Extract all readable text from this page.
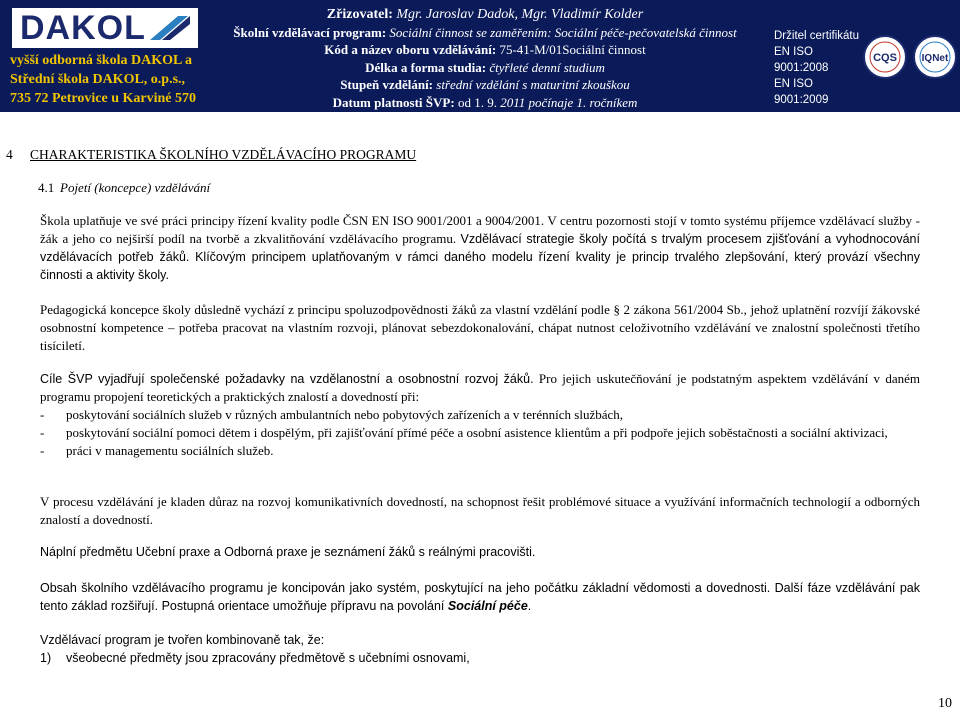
DAKOL
vyšší odborná škola DAKOL a
Střední škola DAKOL, o.p.s.,
735 72 Petrovice u Karviné 570
Zřizovatel: Mgr. Jaroslav Dadok, Mgr. Vladimír Kolder
Školní vzdělávací program: Sociální činnost se zaměřením: Sociální péče-pečovatelská činnost
Kód a název oboru vzdělávání: 75-41-M/01Sociální činnost
Délka a forma studia: čtyřleté denní studium
Stupeň vzdělání: střední vzdělání s maturitní zkouškou
Datum platnosti ŠVP: od 1. 9. 2011 počínaje 1. ročníkem
Držitel certifikátu
EN ISO 9001:2008
EN ISO 9001:2009
CQS
IQNet
4 CHARAKTERISTIKA ŠKOLNÍHO VZDĚLÁVACÍHO PROGRAMU
4.1 Pojetí (koncepce) vzdělávání

Škola uplatňuje ve své práci principy řízení kvality podle ČSN EN ISO 9001/2001 a 9004/2001. V centru pozornosti stojí v tomto systému příjemce vzdělávací služby - žák a jeho co nejširší podíl na tvorbě a zkvalitňování vzdělávacího programu. Vzdělávací strategie školy počítá s trvalým procesem zjišťování a vyhodnocování vzdělávacích potřeb žáků. Klíčovým principem uplatňovaným v rámci daného modelu řízení kvality je princip trvalého zlepšování, který provází všechny činnosti a aktivity školy.

Pedagogická koncepce školy důsledně vychází z principu spoluzodpovědnosti žáků za vlastní vzdělání podle § 2 zákona 561/2004 Sb., jehož uplatnění rozvíjí žákovské osobnostní kompetence – potřeba pracovat na vlastním rozvoji, plánovat sebezdokonalování, chápat nutnost celoživotního vzdělávání ve znalostní společnosti třetího tisíciletí.

Cíle ŠVP vyjadřují společenské požadavky na vzdělanostní a osobnostní rozvoj žáků. Pro jejich uskutečňování je podstatným aspektem vzdělávání v daném programu propojení teoretických a praktických znalostí a dovedností při:

- poskytování sociálních služeb v různých ambulantních nebo pobytových zařízeních a v terénních službách,
- poskytování sociální pomoci dětem i dospělým, při zajišťování přímé péče a osobní asistence klientům a při podpoře jejich soběstačnosti a sociální aktivizaci,
- práci v managementu sociálních služeb.

V procesu vzdělávání je kladen důraz na rozvoj komunikativních dovedností, na schopnost řešit problémové situace a využívání informačních technologií a odborných znalostí a dovedností.

Náplní předmětu Učební praxe a Odborná praxe je seznámení žáků s reálnými pracovišti.

Obsah školního vzdělávacího programu je koncipován jako systém, poskytující na jeho počátku základní vědomosti a dovednosti. Další fáze vzdělávání pak tento základ rozšiřují. Postupná orientace umožňuje přípravu na povolání Sociální péče.

Vzdělávací program je tvořen kombinovaně tak, že:

1) všeobecné předměty jsou zpracovány předmětově s učebními osnovami,
10
